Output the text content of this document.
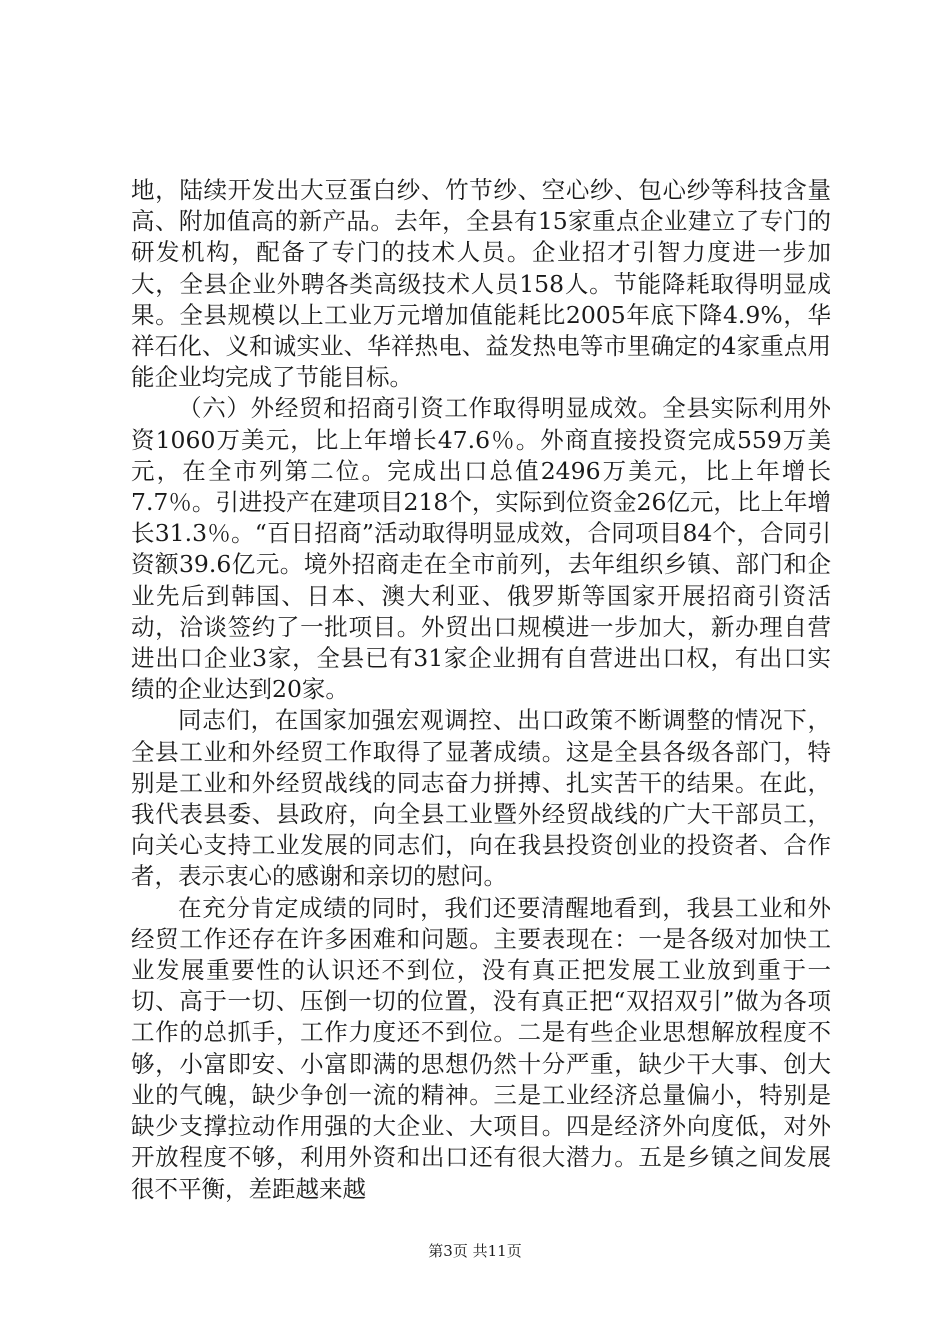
地，陆续开发出大豆蛋白纱、竹节纱、空心纱、包心纱等科技含量高、附加值高的新产品。去年，全县有15家重点企业建立了专门的研发机构，配备了专门的技术人员。企业招才引智力度进一步加大，全县企业外聘各类高级技术人员158人。节能降耗取得明显成果。全县规模以上工业万元增加值能耗比2005年底下降4.9%，华祥石化、义和诚实业、华祥热电、益发热电等市里确定的4家重点用能企业均完成了节能目标。

（六）外经贸和招商引资工作取得明显成效。全县实际利用外资1060万美元，比上年增长47.6％。外商直接投资完成559万美元，在全市列第二位。完成出口总值2496万美元，比上年增长7.7％。引进投产在建项目218个，实际到位资金26亿元，比上年增长31.3％。“百日招商”活动取得明显成效，合同项目84个，合同引资额39.6亿元。境外招商走在全市前列，去年组织乡镇、部门和企业先后到韩国、日本、澳大利亚、俄罗斯等国家开展招商引资活动，洽谈签约了一批项目。外贸出口规模进一步加大，新办理自营进出口企业3家，全县已有31家企业拥有自营进出口权，有出口实绩的企业达到20家。

同志们，在国家加强宏观调控、出口政策不断调整的情况下，全县工业和外经贸工作取得了显著成绩。这是全县各级各部门，特别是工业和外经贸战线的同志奋力拼搏、扎实苦干的结果。在此，我代表县委、县政府，向全县工业暨外经贸战线的广大干部员工，向关心支持工业发展的同志们，向在我县投资创业的投资者、合作者，表示衷心的感谢和亲切的慰问。

在充分肯定成绩的同时，我们还要清醒地看到，我县工业和外经贸工作还存在许多困难和问题。主要表现在：一是各级对加快工业发展重要性的认识还不到位，没有真正把发展工业放到重于一切、高于一切、压倒一切的位置，没有真正把“双招双引”做为各项工作的总抓手，工作力度还不到位。二是有些企业思想解放程度不够，小富即安、小富即满的思想仍然十分严重，缺少干大事、创大业的气魄，缺少争创一流的精神。三是工业经济总量偏小，特别是缺少支撑拉动作用强的大企业、大项目。四是经济外向度低，对外开放程度不够，利用外资和出口还有很大潜力。五是乡镇之间发展很不平衡，差距越来越

第3页 共11页
